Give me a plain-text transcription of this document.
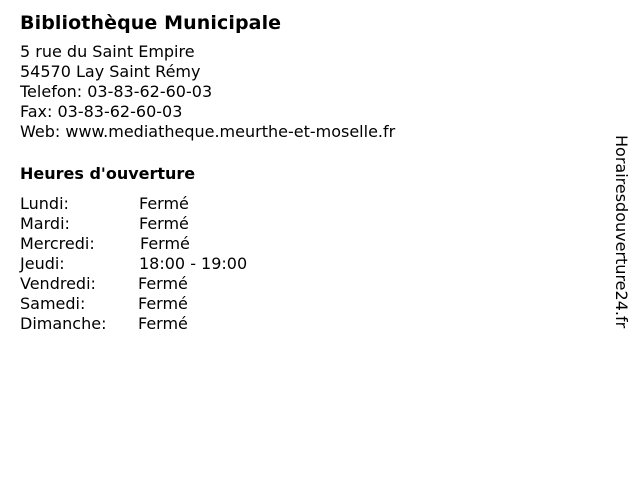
Bibliothèque Municipale
5 rue du Saint Empire
54570 Lay Saint Rémy
Telefon: 03-83-62-60-03
Fax: 03-83-62-60-03
Web: www.mediatheque.meurthe-et-moselle.fr
Heures d'ouverture
Lundi:	Fermé
Mardi:	Fermé
Mercredi:	Fermé
Jeudi:	18:00 - 19:00
Vendredi:	Fermé
Samedi:	Fermé
Dimanche:	Fermé	Horairesdouverture24.fr
